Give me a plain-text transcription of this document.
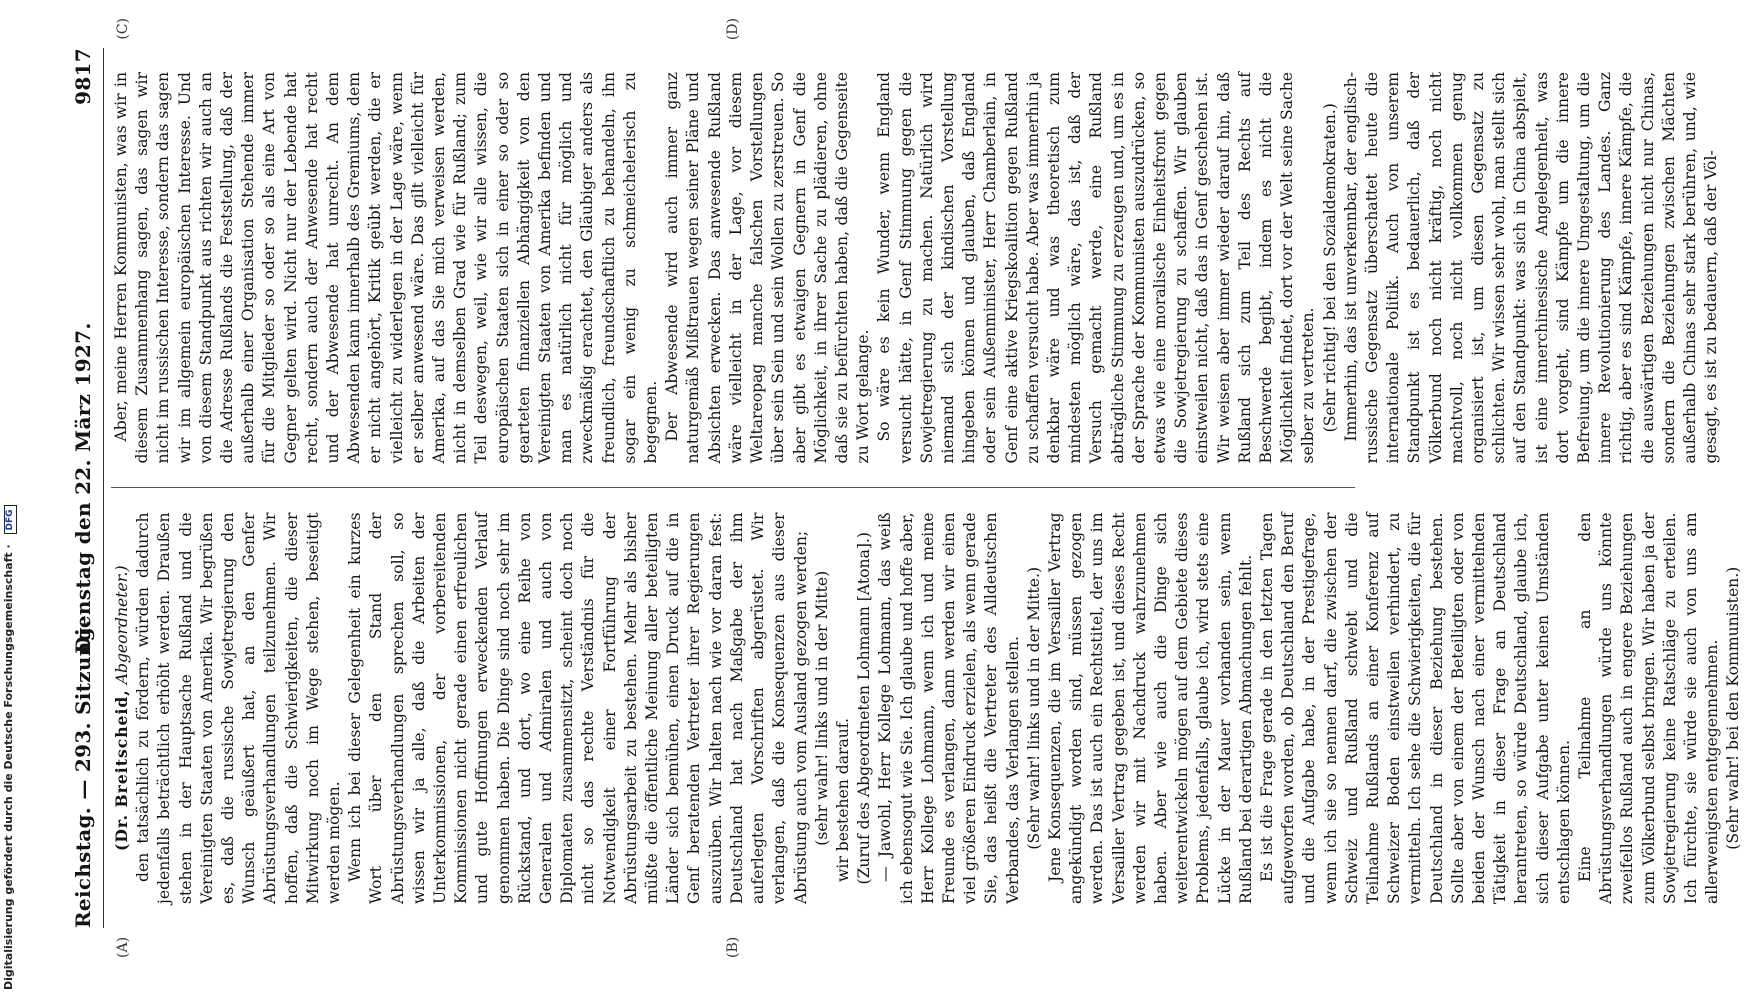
Digitalisierung gefördert durch die Deutsche Forschungsgemeinschaft · DFG
Reichstag. — 293. Sitzung.
Dienstag den 22. März 1927.
9817

(Dr. Breitscheid, Abgeordneter.) den tatsächlich zu fördern, würden dadurch jedenfalls beträchtlich erhöht werden. Draußen stehen in der Hauptsache Rußland und die Vereinigten Staaten von Amerika. Wir begrüßen es, daß die russische Sowjetregierung den Wunsch geäußert hat, an den Genfer Abrüstungsverhandlungen teilzunehmen. Wir hoffen, daß die Schwierigkeiten, die dieser Mitwirkung noch im Wege stehen, beseitigt werden mögen. Wenn ich bei dieser Gelegenheit ein kurzes Wort über den Stand der Abrüstungsverhandlungen sprechen soll, so wissen wir ja alle, daß die Arbeiten der Unterkommissionen, der vorbereitenden Kommissionen nicht gerade einen erfreulichen und gute Hoffnungen erweckenden Verlauf genommen haben. Die Dinge sind noch sehr im Rückstand, und dort, wo eine Reihe von Generalen und Admiralen und auch von Diplomaten zusammensitzt, scheint doch noch nicht so das rechte Verständnis für die Notwendigkeit einer Fortführung der Abrüstungsarbeit zu bestehen. Mehr als bisher müßte die öffentliche Meinung aller beteiligten Länder sich bemühen, einen Druck auf die in Genf beratenden Vertreter ihrer Regierungen auszuüben. Wir halten nach wie vor daran fest: Deutschland hat nach Maßgabe der ihm auferlegten Vorschriften abgerüstet. Wir verlangen, daß die Konsequenzen aus dieser Abrüstung auch vom Ausland gezogen werden; (sehr wahr! links und in der Mitte) wir bestehen darauf. (Zuruf des Abgeordneten Lohmann [Atona].) — Jawohl, Herr Kollege Lohmann, das weiß ich ebensogut wie Sie. Ich glaube und hoffe aber, Herr Kollege Lohmann, wenn ich und meine Freunde es verlangen, dann werden wir einen viel größeren Eindruck erzielen, als wenn gerade Sie, das heißt die Vertreter des Alldeutschen Verbandes, das Verlangen stellen. (Sehr wahr! links und in der Mitte.) Jene Konsequenzen, die im Versailler Vertrag angekündigt worden sind, müssen gezogen werden. Das ist auch ein Rechtstitel, der uns im Versailler Vertrag gegeben ist, und dieses Recht werden wir mit Nachdruck wahrzunehmen haben. Aber wie auch die Dinge sich weiterentwickeln mögen auf dem Gebiete dieses Problems, jedenfalls, glaube ich, wird stets eine Lücke in der Mauer vorhanden sein, wenn Rußland bei derartigen Abmachungen fehlt. Es ist die Frage gerade in den letzten Tagen aufgeworfen worden, ob Deutschland den Beruf und die Aufgabe habe, in der Prestigefrage, wenn ich sie so nennen darf, die zwischen der Schweiz und Rußland schwebt und die Teilnahme Rußlands an einer Konferenz auf Schweizer Boden einstweilen verhindert, zu vermitteln. Ich sehe die Schwierigkeiten, die für Deutschland in dieser Beziehung bestehen. Sollte aber von einem der Beteiligten oder von beiden der Wunsch nach einer vermittelnden Tätigkeit in dieser Frage an Deutschland herantreten, so würde Deutschland, glaube ich, sich dieser Aufgabe unter keinen Umständen entschlagen können. Eine Teilnahme an den Abrüstungsverhandlungen würde uns könnte zweifellos Rußland auch in engere Beziehungen zum Völkerbund selbst bringen. Wir haben ja der Sowjetregierung keine Ratschläge zu erteilen. Ich fürchte, sie würde sie auch von uns am allerwenigsten entgegennehmen. (Sehr wahr! bei den Kommunisten.)

Aber, meine Herren Kommunisten, was wir in diesem Zusammenhang sagen, das sagen wir nicht im russischen Interesse, sondern das sagen wir im allgemein europäischen Interesse. Und von diesem Standpunkt aus richten wir auch an die Adresse Rußlands die Feststellung, daß der außerhalb einer Organisation Stehende immer für die Mitglieder so oder so als eine Art von Gegner gelten wird. Nicht nur der Lebende hat recht, sondern auch der Anwesende hat recht und der Abwesende hat unrecht. An dem Abwesenden kann innerhalb des Gremiums, dem er nicht angehört, Kritik geübt werden, die er vielleicht zu widerlegen in der Lage wäre, wenn er selber anwesend wäre. Das gilt vielleicht für Amerika, auf das Sie mich verweisen werden, nicht in demselben Grad wie für Rußland; zum Teil deswegen, weil, wie wir alle wissen, die europäischen Staaten sich in einer so oder so gearteten finanziellen Abhängigkeit von den Vereinigten Staaten von Amerika befinden und man es natürlich nicht für möglich und zweckmäßig erachtet, den Gläubiger anders als freundlich, freundschaftlich zu behandeln, ihn sogar ein wenig zu schmeichelerisch zu begegnen. Der Abwesende wird auch immer ganz naturgemäß Mißtrauen wegen seiner Pläne und Absichten erwecken. Das anwesende Rußland wäre vielleicht in der Lage, vor diesem Weltareopag manche falschen Vorstellungen über sein Sein und sein Wollen zu zerstreuen. So aber gibt es etwaigen Gegnern in Genf die Möglichkeit, in ihrer Sache zu plädieren, ohne daß sie zu befürchten haben, daß die Gegenseite zu Wort gelange. So wäre es kein Wunder, wenn England versucht hätte, in Genf Stimmung gegen die Sowjetregierung zu machen. Natürlich wird niemand sich der kindischen Vorstellung hingeben können und glauben, daß England oder sein Außenminister, Herr Chamberlain, in Genf eine aktive Kriegskoalition gegen Rußland zu schaffen versucht habe. Aber was immerhin ja denkbar wäre und was theoretisch zum mindesten möglich wäre, das ist, daß der Versuch gemacht werde, eine Rußland abträgliche Stimmung zu erzeugen und, um es in der Sprache der Kommunisten auszudrücken, so etwas wie eine moralische Einheitsfront gegen die Sowjetregierung zu schaffen. Wir glauben einstweilen nicht, daß das in Genf geschehen ist. Wir weisen aber immer wieder darauf hin, daß Rußland sich zum Teil des Rechts auf Beschwerde begibt, indem es nicht die Möglichkeit findet, dort vor der Welt seine Sache selber zu vertreten. (Sehr richtig! bei den Sozialdemokraten.) Immerhin, das ist unverkennbar, der englisch-russische Gegensatz überschattet heute die internationale Politik. Auch von unserem Standpunkt ist es bedauerlich, daß der Völkerbund noch nicht kräftig, noch nicht machtvoll, noch nicht vollkommen genug organisiert ist, um diesen Gegensatz zu schlichten. Wir wissen sehr wohl, man stellt sich auf den Standpunkt: was sich in China abspielt, ist eine innerchinesische Angelegenheit, was dort vorgeht, sind Kämpfe um die innere Befreiung, um die innere Umgestaltung, um die innere Revolutionierung des Landes. Ganz richtig, aber es sind Kämpfe, innere Kämpfe, die die auswärtigen Beziehungen nicht nur Chinas, sondern die Beziehungen zwischen Mächten außerhalb Chinas sehr stark berühren, und, wie gesagt, es ist zu bedauern, daß der Völ-

(A)	(B)
(C)	(D)
